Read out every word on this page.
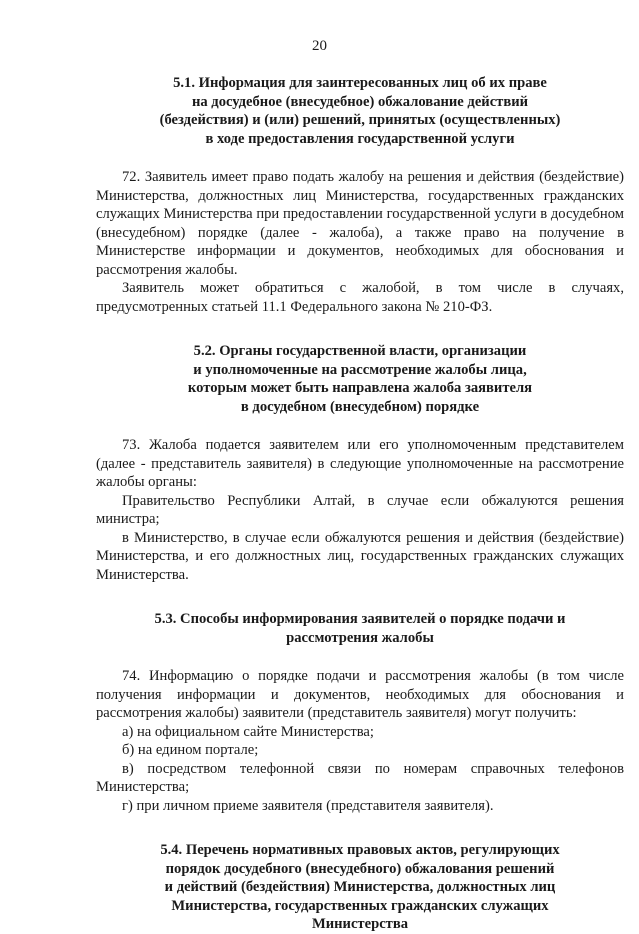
20
5.1. Информация для заинтересованных лиц об их праве
на досудебное (внесудебное) обжалование действий
(бездействия) и (или) решений, принятых (осуществленных)
в ходе предоставления государственной услуги

72. Заявитель имеет право подать жалобу на решения и действия (бездействие) Министерства, должностных лиц Министерства, государственных гражданских служащих Министерства при предоставлении государственной услуги в досудебном (внесудебном) порядке (далее - жалоба), а также право на получение в Министерстве информации и документов, необходимых для обоснования и рассмотрения жалобы.

Заявитель может обратиться с жалобой, в том числе в случаях, предусмотренных статьей 11.1 Федерального закона № 210-ФЗ.

5.2. Органы государственной власти, организации
и уполномоченные на рассмотрение жалобы лица,
которым может быть направлена жалоба заявителя
в досудебном (внесудебном) порядке

73. Жалоба подается заявителем или его уполномоченным представителем (далее - представитель заявителя) в следующие уполномоченные на рассмотрение жалобы органы:

Правительство Республики Алтай, в случае если обжалуются решения министра;

в Министерство, в случае если обжалуются решения и действия (бездействие) Министерства, и его должностных лиц, государственных гражданских служащих Министерства.

5.3. Способы информирования заявителей о порядке подачи и
рассмотрения жалобы

74. Информацию о порядке подачи и рассмотрения жалобы (в том числе получения информации и документов, необходимых для обоснования и рассмотрения жалобы) заявители (представитель заявителя) могут получить:

а) на официальном сайте Министерства;

б) на едином портале;

в) посредством телефонной связи по номерам справочных телефонов Министерства;

г) при личном приеме заявителя (представителя заявителя).

5.4. Перечень нормативных правовых актов, регулирующих
порядок досудебного (внесудебного) обжалования решений
и действий (бездействия) Министерства, должностных лиц
Министерства, государственных гражданских служащих
Министерства
